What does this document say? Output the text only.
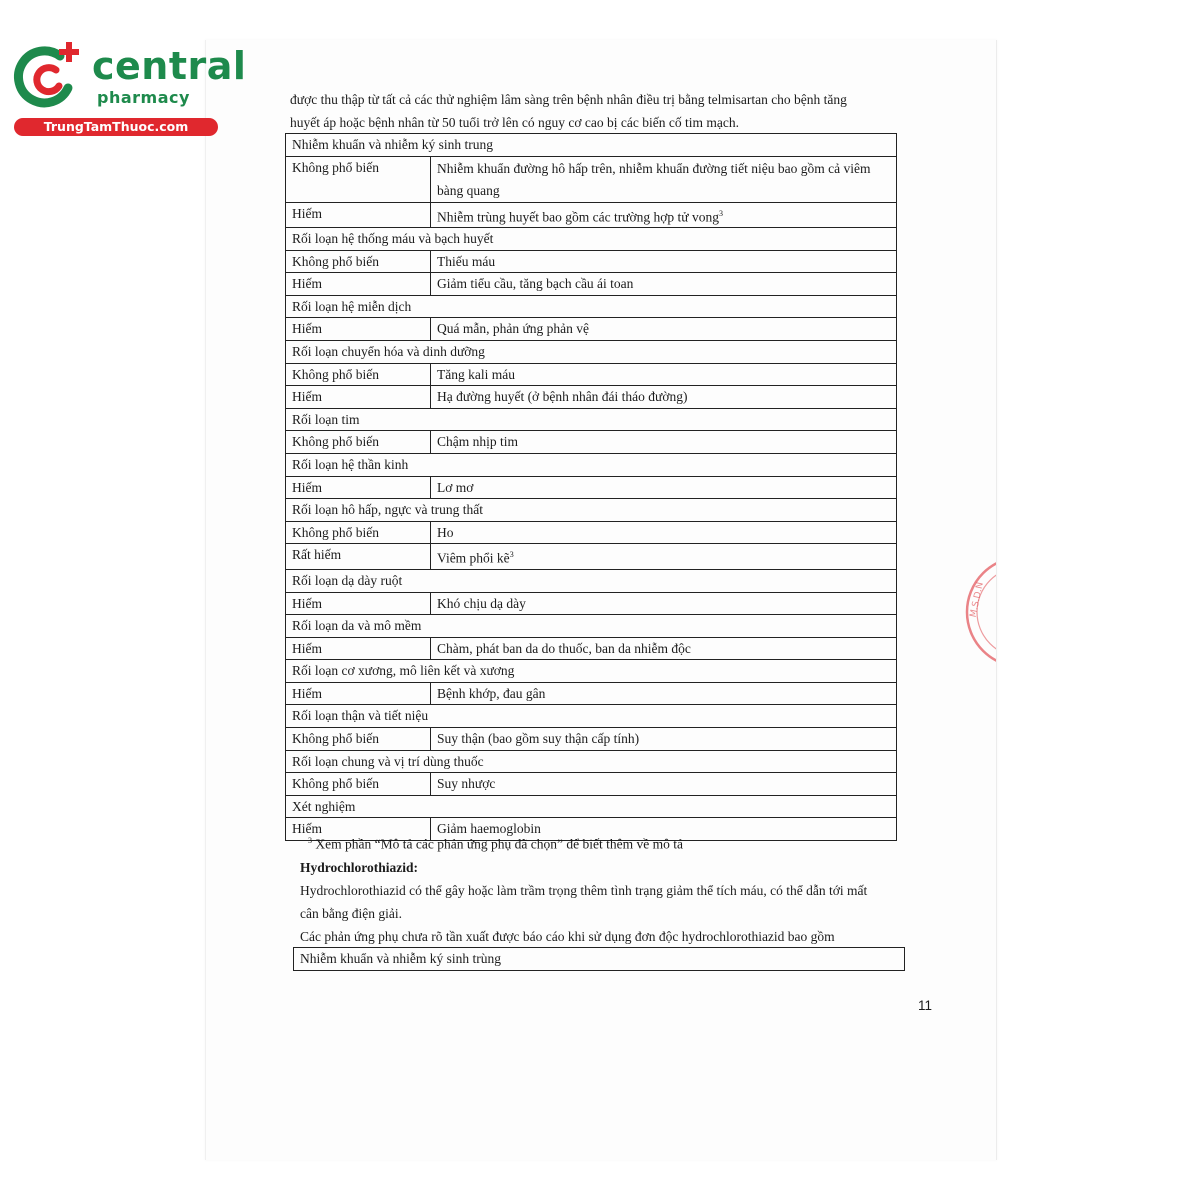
central
pharmacy
TrungTamThuoc.com

được thu thập từ tất cả các thử nghiệm lâm sàng trên bệnh nhân điều trị bằng telmisartan cho bệnh tăng

huyết áp hoặc bệnh nhân từ 50 tuổi trở lên có nguy cơ cao bị các biến cố tim mạch.

Nhiễm khuẩn và nhiễm ký sinh trung	
Không phổ biến	Nhiễm khuẩn đường hô hấp trên, nhiễm khuẩn đường tiết niệu bao gồm cả viêm bàng quang
Hiếm	Nhiễm trùng huyết bao gồm các trường hợp tử vong$^3$
Rối loạn hệ thống máu và bạch huyết	
Không phổ biến	Thiếu máu
Hiếm	Giảm tiểu cầu, tăng bạch cầu ái toan
Rối loạn hệ miễn dịch	
Hiếm	Quá mẫn, phản ứng phản vệ
Rối loạn chuyển hóa và dinh dưỡng	
Không phổ biến	Tăng kali máu
Hiếm	Hạ đường huyết (ở bệnh nhân đái tháo đường)
Rối loạn tim	
Không phổ biến	Chậm nhịp tim
Rối loạn hệ thần kinh	
Hiếm	Lơ mơ
Rối loạn hô hấp, ngực và trung thất	
Không phổ biến	Ho
Rất hiếm	Viêm phổi kẽ$^3$
Rối loạn dạ dày ruột	
Hiếm	Khó chịu dạ dày
Rối loạn da và mô mềm	
Hiếm	Chàm, phát ban da do thuốc, ban da nhiễm độc
Rối loạn cơ xương, mô liên kết và xương	
Hiếm	Bệnh khớp, đau gân
Rối loạn thận và tiết niệu	
Không phổ biến	Suy thận (bao gồm suy thận cấp tính)
Rối loạn chung và vị trí dùng thuốc	
Không phổ biến	Suy nhược
Xét nghiệm	
Hiếm	Giảm haemoglobin
$^3$ Xem phần “Mô tả các phản ứng phụ đã chọn” để biết thêm về mô tả
Hydrochlorothiazid:

Hydrochlorothiazid có thể gây hoặc làm trầm trọng thêm tình trạng giảm thể tích máu, có thể dẫn tới mất

cân bằng điện giải.

Các phản ứng phụ chưa rõ tần xuất được báo cáo khi sử dụng đơn độc hydrochlorothiazid bao gồm

Nhiễm khuẩn và nhiễm ký sinh trùng
11
M.S.D.N
